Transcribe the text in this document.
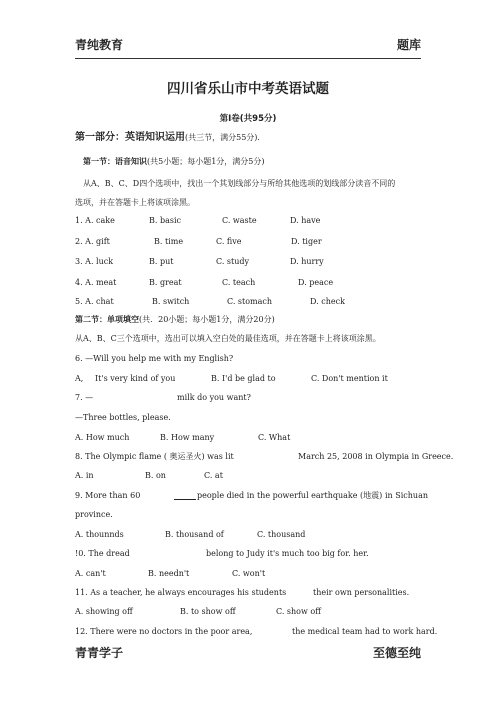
青纯教育	题库
四川省乐山市中考英语试题
第I卷(共95分)
第一部分：英语知识运用(共三节，满分55分)．
第一节：语音知识(共5小题；每小题1分，满分5分)
从A、B、C、D四个选项中，找出一个其划线部分与所给其他选项的划线部分读音不同的
选项，并在答题卡上将该项涂黑。
1. A. cake	B. basic	C. waste	D. have
2. A. gift	B. time	C. five	D. tiger
3. A. luck	B. put	C. study	D. hurry
4. A. meat	B. great	C. teach	D. peace
5. A. chat	B. switch	C. stomach	D. check
第二节：单项填空(共．20小题；每小题1分，满分20分)
从A、B、C三个选项中，选出可以填入空白处的最佳选项，并在答题卡上将该项涂黑。
6. —Will you help me with my English?
A, It's very kind of you	B. I'd be glad to	C. Don't mention it
7. —	milk do you want?
—Three bottles, please.
A. How much	B. How many	C. What
8. The Olympic flame ( 奥运圣火) was lit	March 25, 2008 in Olympia in Greece.
A. in	B. on	C. at
9. More than 60	people died in the powerful earthquake (地震) in Sichuan
province.
A. thounnds	B. thousand of	C. thousand
!0. The dread	belong to Judy it's much too big for. her.
A. can't	B. needn't	C. won't
11. As a teacher, he always encourages his students	their own personalities.
A. showing off	B. to show off	C. show off
12. There were no doctors in the poor area,	the medical team had to work hard.
青青学子	至德至纯
